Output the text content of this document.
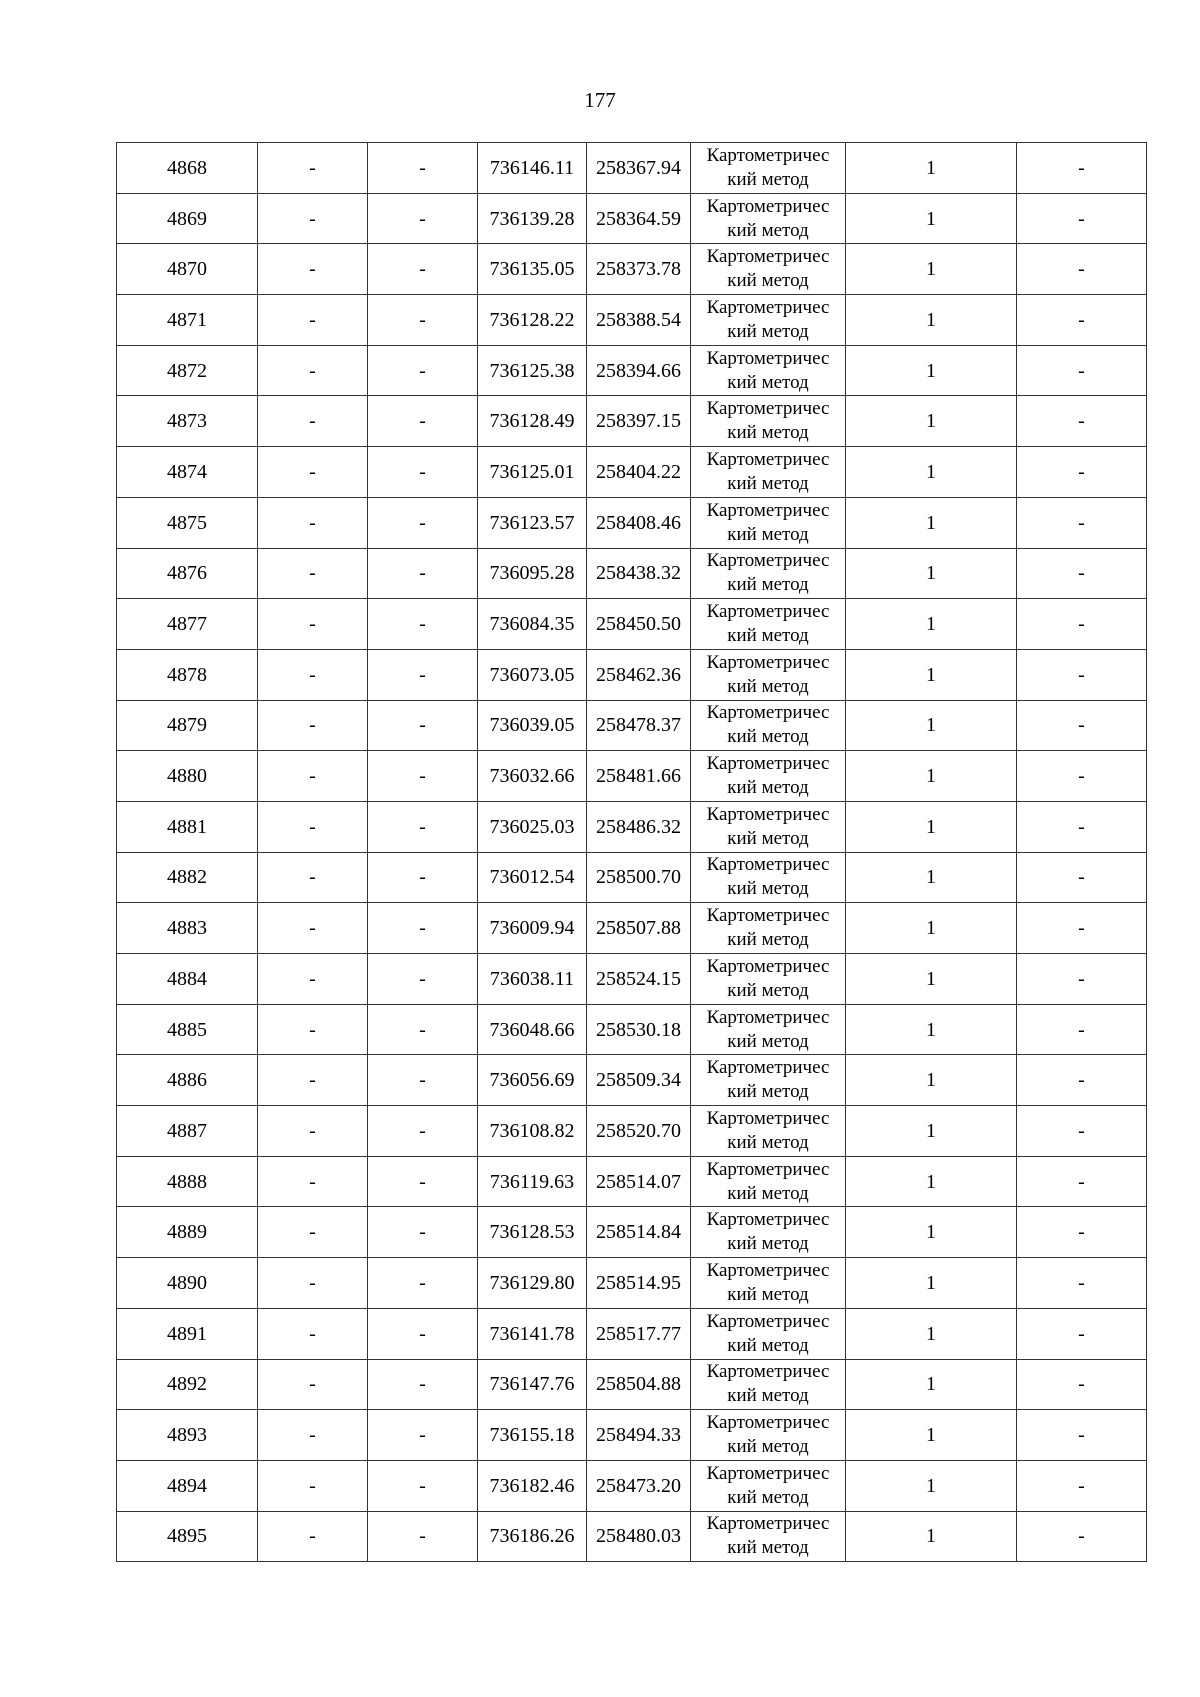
177
4868	-	-	736146.11	258367.94	Картометричес
кий метод	1	-
4869	-	-	736139.28	258364.59	Картометричес
кий метод	1	-
4870	-	-	736135.05	258373.78	Картометричес
кий метод	1	-
4871	-	-	736128.22	258388.54	Картометричес
кий метод	1	-
4872	-	-	736125.38	258394.66	Картометричес
кий метод	1	-
4873	-	-	736128.49	258397.15	Картометричес
кий метод	1	-
4874	-	-	736125.01	258404.22	Картометричес
кий метод	1	-
4875	-	-	736123.57	258408.46	Картометричес
кий метод	1	-
4876	-	-	736095.28	258438.32	Картометричес
кий метод	1	-
4877	-	-	736084.35	258450.50	Картометричес
кий метод	1	-
4878	-	-	736073.05	258462.36	Картометричес
кий метод	1	-
4879	-	-	736039.05	258478.37	Картометричес
кий метод	1	-
4880	-	-	736032.66	258481.66	Картометричес
кий метод	1	-
4881	-	-	736025.03	258486.32	Картометричес
кий метод	1	-
4882	-	-	736012.54	258500.70	Картометричес
кий метод	1	-
4883	-	-	736009.94	258507.88	Картометричес
кий метод	1	-
4884	-	-	736038.11	258524.15	Картометричес
кий метод	1	-
4885	-	-	736048.66	258530.18	Картометричес
кий метод	1	-
4886	-	-	736056.69	258509.34	Картометричес
кий метод	1	-
4887	-	-	736108.82	258520.70	Картометричес
кий метод	1	-
4888	-	-	736119.63	258514.07	Картометричес
кий метод	1	-
4889	-	-	736128.53	258514.84	Картометричес
кий метод	1	-
4890	-	-	736129.80	258514.95	Картометричес
кий метод	1	-
4891	-	-	736141.78	258517.77	Картометричес
кий метод	1	-
4892	-	-	736147.76	258504.88	Картометричес
кий метод	1	-
4893	-	-	736155.18	258494.33	Картометричес
кий метод	1	-
4894	-	-	736182.46	258473.20	Картометричес
кий метод	1	-
4895	-	-	736186.26	258480.03	Картометричес
кий метод	1	-
